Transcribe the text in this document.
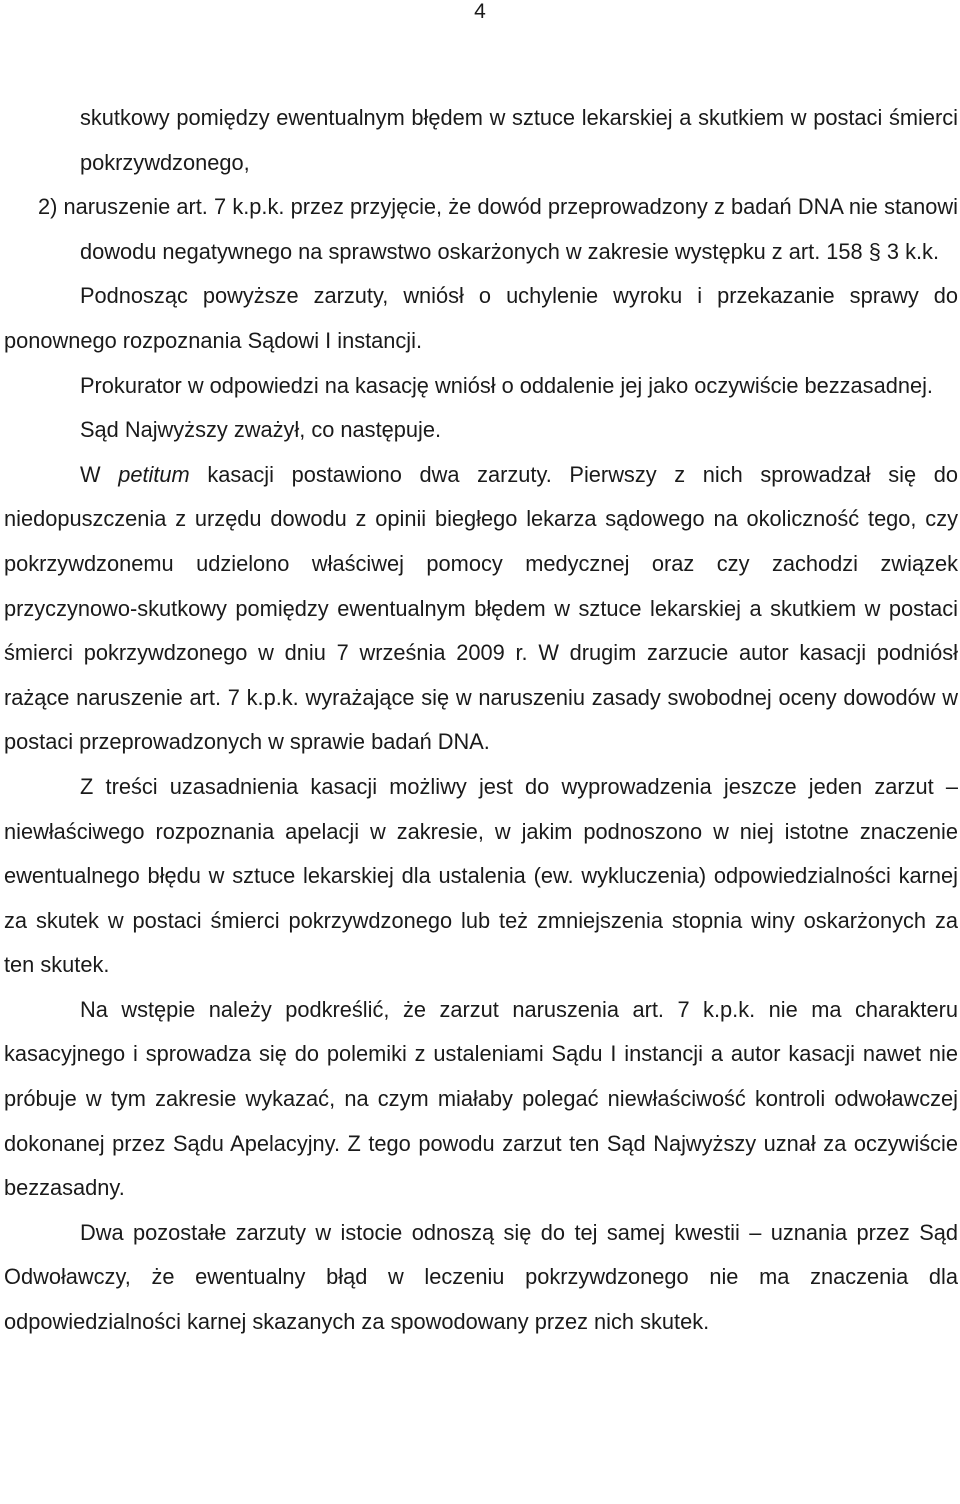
4

skutkowy pomiędzy ewentualnym błędem w sztuce lekarskiej a skutkiem w postaci śmierci pokrzywdzonego,

2) naruszenie art. 7 k.p.k. przez przyjęcie, że dowód przeprowadzony z badań DNA nie stanowi dowodu negatywnego na sprawstwo oskarżonych w zakresie występku z art. 158 § 3 k.k.

Podnosząc powyższe zarzuty, wniósł o uchylenie wyroku i przekazanie sprawy do ponownego rozpoznania Sądowi I instancji.

Prokurator w odpowiedzi na kasację wniósł o oddalenie jej jako oczywiście bezzasadnej.

Sąd Najwyższy zważył, co następuje.

W petitum kasacji postawiono dwa zarzuty. Pierwszy z nich sprowadzał się do niedopuszczenia z urzędu dowodu z opinii biegłego lekarza sądowego na okoliczność tego, czy pokrzywdzonemu udzielono właściwej pomocy medycznej oraz czy zachodzi związek przyczynowo-skutkowy pomiędzy ewentualnym błędem w sztuce lekarskiej a skutkiem w postaci śmierci pokrzywdzonego w dniu 7 września 2009 r. W drugim zarzucie autor kasacji podniósł rażące naruszenie art. 7 k.p.k. wyrażające się w naruszeniu zasady swobodnej oceny dowodów w postaci przeprowadzonych w sprawie badań DNA.

Z treści uzasadnienia kasacji możliwy jest do wyprowadzenia jeszcze jeden zarzut – niewłaściwego rozpoznania apelacji w zakresie, w jakim podnoszono w niej istotne znaczenie ewentualnego błędu w sztuce lekarskiej dla ustalenia (ew. wykluczenia) odpowiedzialności karnej za skutek w postaci śmierci pokrzywdzonego lub też zmniejszenia stopnia winy oskarżonych za ten skutek.

Na wstępie należy podkreślić, że zarzut naruszenia art. 7 k.p.k. nie ma charakteru kasacyjnego i sprowadza się do polemiki z ustaleniami Sądu I instancji a autor kasacji nawet nie próbuje w tym zakresie wykazać, na czym miałaby polegać niewłaściwość kontroli odwoławczej dokonanej przez Sądu Apelacyjny. Z tego powodu zarzut ten Sąd Najwyższy uznał za oczywiście bezzasadny.

Dwa pozostałe zarzuty w istocie odnoszą się do tej samej kwestii – uznania przez Sąd Odwoławczy, że ewentualny błąd w leczeniu pokrzywdzonego nie ma znaczenia dla odpowiedzialności karnej skazanych za spowodowany przez nich skutek.
